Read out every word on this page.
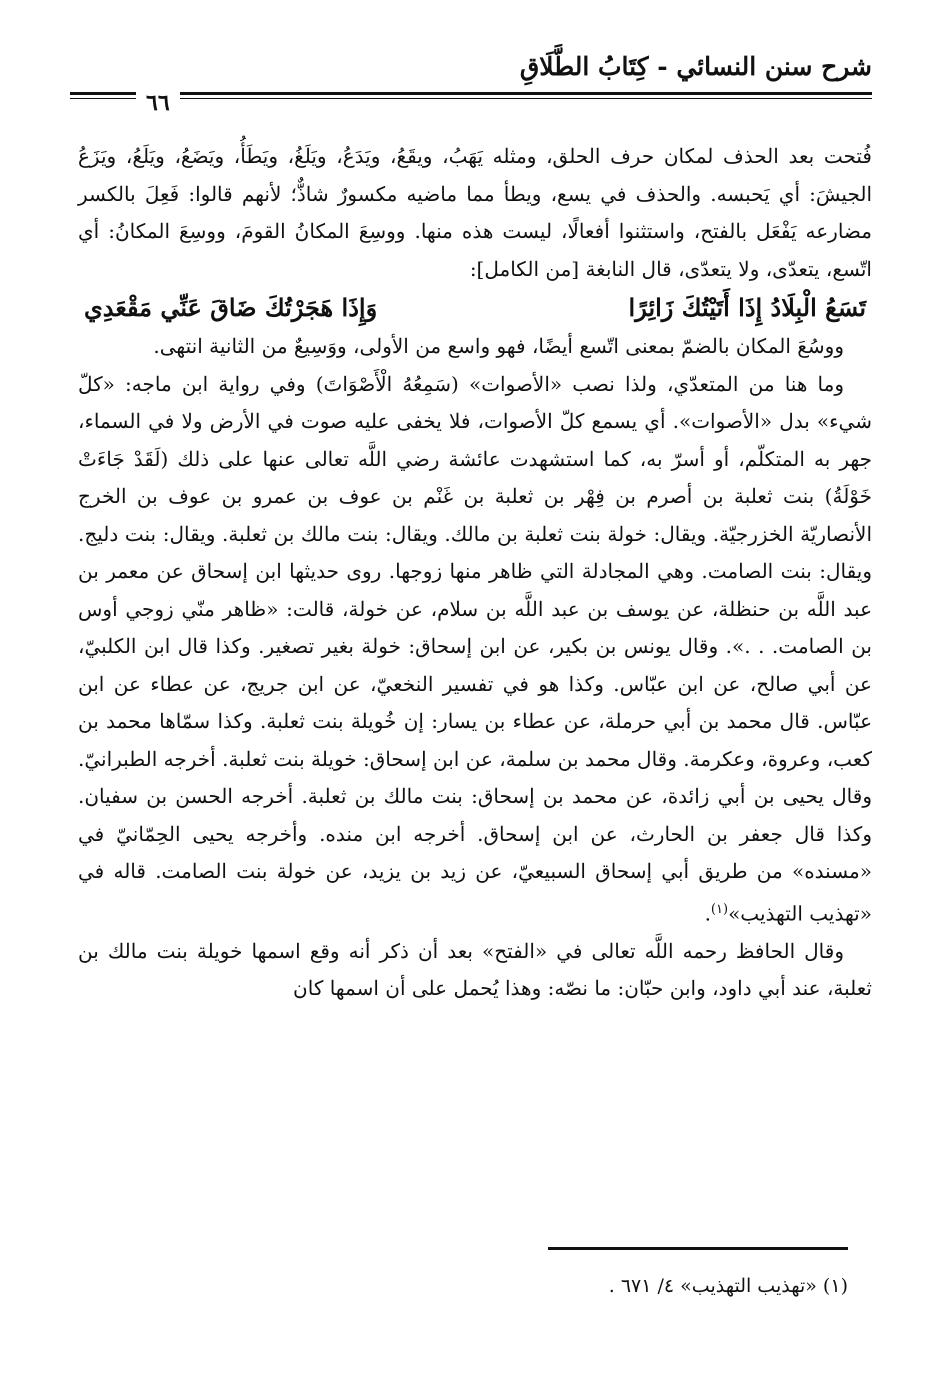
شرح سنن النسائي - كِتَابُ الطَّلَاقِ
٦٦

فُتحت بعد الحذف لمكان حرف الحلق، ومثله يَهَبُ، ويقَعُ، ويَدَعُ، ويَلَغُ، ويَطَأُ، ويَضَعُ، ويَلَعُ، ويَزَعُ الجيشَ: أي يَحبسه. والحذف في يسع، ويطأ مما ماضيه مكسورٌ شاذٌّ؛ لأنهم قالوا: فَعِلَ بالكسر مضارعه يَفْعَل بالفتح، واستثنوا أفعالًا، ليست هذه منها. ووسِعَ المكانُ القومَ، ووسِعَ المكانُ: أي اتّسع، يتعدّى، ولا يتعدّى، قال النابغة [من الكامل]:

تَسَعُ الْبِلَادُ إِذَا أَتَيْتُكَ زَائِرًا
وَإِذَا هَجَرْتُكَ ضَاقَ عَنِّي مَقْعَدِي

ووسُعَ المكان بالضمّ بمعنى اتّسع أيضًا، فهو واسع من الأولى، ووَسِيعٌ من الثانية انتهى.

وما هنا من المتعدّي، ولذا نصب «الأصوات» (سَمِعُهُ الْأَصْوَاتَ) وفي رواية ابن ماجه: «كلّ شيء» بدل «الأصوات». أي يسمع كلّ الأصوات، فلا يخفى عليه صوت في الأرض ولا في السماء، جهر به المتكلّم، أو أسرّ به، كما استشهدت عائشة رضي اللَّه تعالى عنها على ذلك (لَقَدْ جَاءَتْ خَوْلَةُ) بنت ثعلبة بن أصرم بن فِهْر بن ثعلبة بن غَنْم بن عوف بن عمرو بن عوف بن الخرج الأنصاريّة الخزرجيّة. ويقال: خولة بنت ثعلبة بن مالك. ويقال: بنت مالك بن ثعلبة. ويقال: بنت دليج. ويقال: بنت الصامت. وهي المجادلة التي ظاهر منها زوجها. روى حديثها ابن إسحاق عن معمر بن عبد اللَّه بن حنظلة، عن يوسف بن عبد اللَّه بن سلام، عن خولة، قالت: «ظاهر منّي زوجي أوس بن الصامت. . .». وقال يونس بن بكير، عن ابن إسحاق: خولة بغير تصغير. وكذا قال ابن الكلبيّ، عن أبي صالح، عن ابن عبّاس. وكذا هو في تفسير النخعيّ، عن ابن جريج، عن عطاء عن ابن عبّاس. قال محمد بن أبي حرملة، عن عطاء بن يسار: إن خُويلة بنت ثعلبة. وكذا سمّاها محمد بن كعب، وعروة، وعكرمة. وقال محمد بن سلمة، عن ابن إسحاق: خويلة بنت ثعلبة. أخرجه الطبرانيّ. وقال يحيى بن أبي زائدة، عن محمد بن إسحاق: بنت مالك بن ثعلبة. أخرجه الحسن بن سفيان. وكذا قال جعفر بن الحارث، عن ابن إسحاق. أخرجه ابن منده. وأخرجه يحيى الحِمّانيّ في «مسنده» من طريق أبي إسحاق السبيعيّ، عن زيد بن يزيد، عن خولة بنت الصامت. قاله في «تهذيب التهذيب»$^{(١)}$.

وقال الحافظ رحمه اللَّه تعالى في «الفتح» بعد أن ذكر أنه وقع اسمها خويلة بنت مالك بن ثعلبة، عند أبي داود، وابن حبّان: ما نصّه: وهذا يُحمل على أن اسمها كان

(١) «تهذيب التهذيب» ٤/ ٦٧١ .
